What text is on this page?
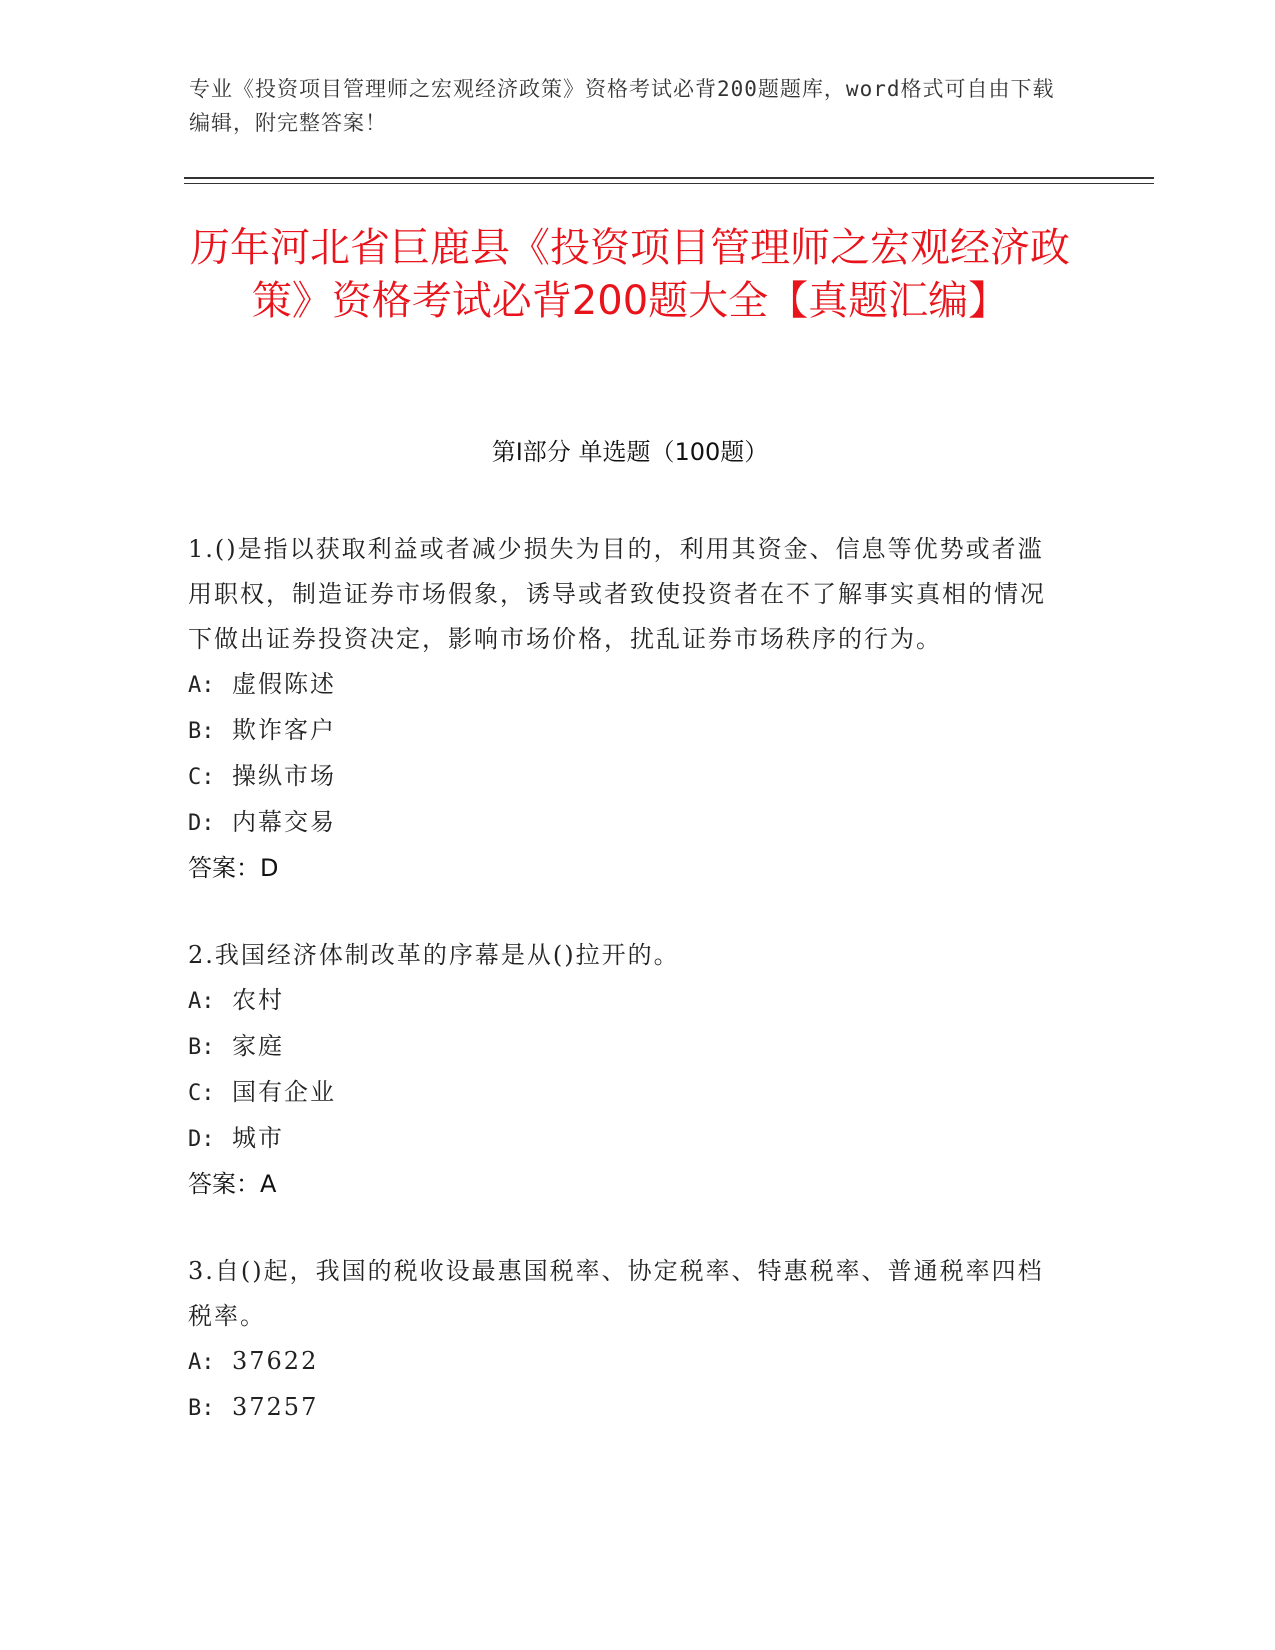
专业《投资项目管理师之宏观经济政策》资格考试必背200题题库，word格式可自由下载编辑，附完整答案！
历年河北省巨鹿县《投资项目管理师之宏观经济政策》资格考试必背200题大全【真题汇编】
第Ⅰ部分 单选题（100题）
1.()是指以获取利益或者减少损失为目的，利用其资金、信息等优势或者滥用职权，制造证券市场假象，诱导或者致使投资者在不了解事实真相的情况下做出证券投资决定，影响市场价格，扰乱证券市场秩序的行为。
A: 虚假陈述
B: 欺诈客户
C: 操纵市场
D: 内幕交易
答案：D
2.我国经济体制改革的序幕是从()拉开的。
A: 农村
B: 家庭
C: 国有企业
D: 城市
答案：A
3.自()起，我国的税收设最惠国税率、协定税率、特惠税率、普通税率四档税率。
A: 37622
B: 37257
